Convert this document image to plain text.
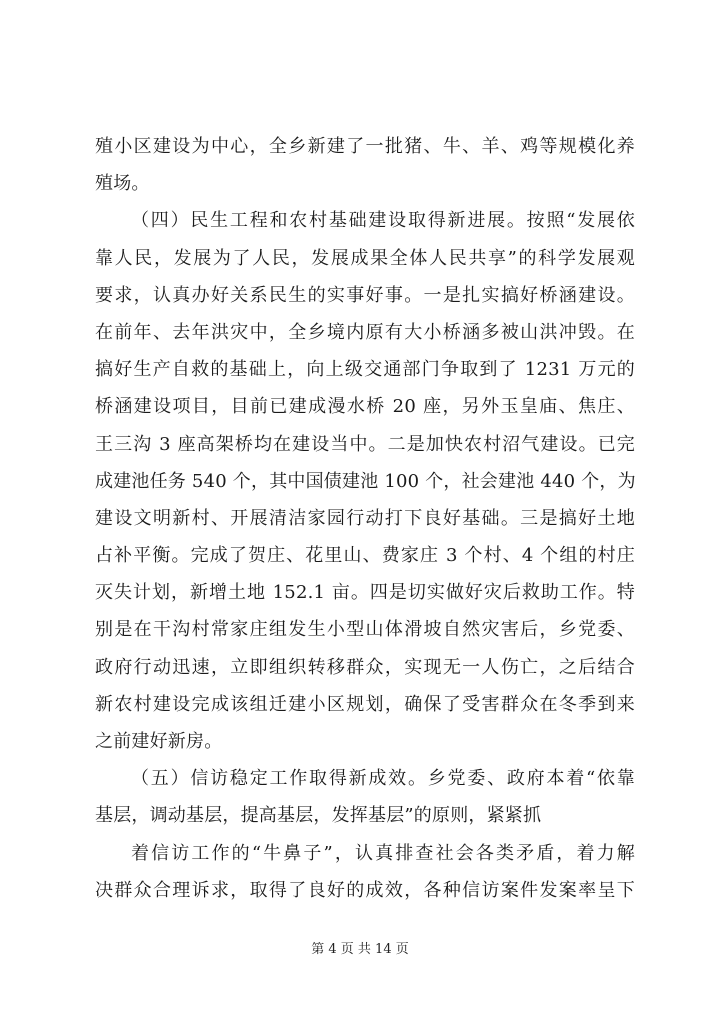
殖小区建设为中心，全乡新建了一批猪、牛、羊、鸡等规模化养
殖场。
（四）民生工程和农村基础建设取得新进展。按照“发展依
靠人民，发展为了人民，发展成果全体人民共享”的科学发展观
要求，认真办好关系民生的实事好事。一是扎实搞好桥涵建设。
在前年、去年洪灾中，全乡境内原有大小桥涵多被山洪冲毁。在
搞好生产自救的基础上，向上级交通部门争取到了 1231 万元的
桥涵建设项目，目前已建成漫水桥 20 座，另外玉皇庙、焦庄、
王三沟 3 座高架桥均在建设当中。二是加快农村沼气建设。已完
成建池任务 540 个，其中国债建池 100 个，社会建池 440 个，为
建设文明新村、开展清洁家园行动打下良好基础。三是搞好土地
占补平衡。完成了贺庄、花里山、费家庄 3 个村、4 个组的村庄
灭失计划，新增土地 152.1 亩。四是切实做好灾后救助工作。特
别是在干沟村常家庄组发生小型山体滑坡自然灾害后，乡党委、
政府行动迅速，立即组织转移群众，实现无一人伤亡，之后结合
新农村建设完成该组迁建小区规划，确保了受害群众在冬季到来
之前建好新房。
（五）信访稳定工作取得新成效。乡党委、政府本着“依靠
基层，调动基层，提高基层，发挥基层”的原则，紧紧抓
着信访工作的“牛鼻子”，认真排查社会各类矛盾，着力解
决群众合理诉求，取得了良好的成效，各种信访案件发案率呈下
第 4 页 共 14 页
